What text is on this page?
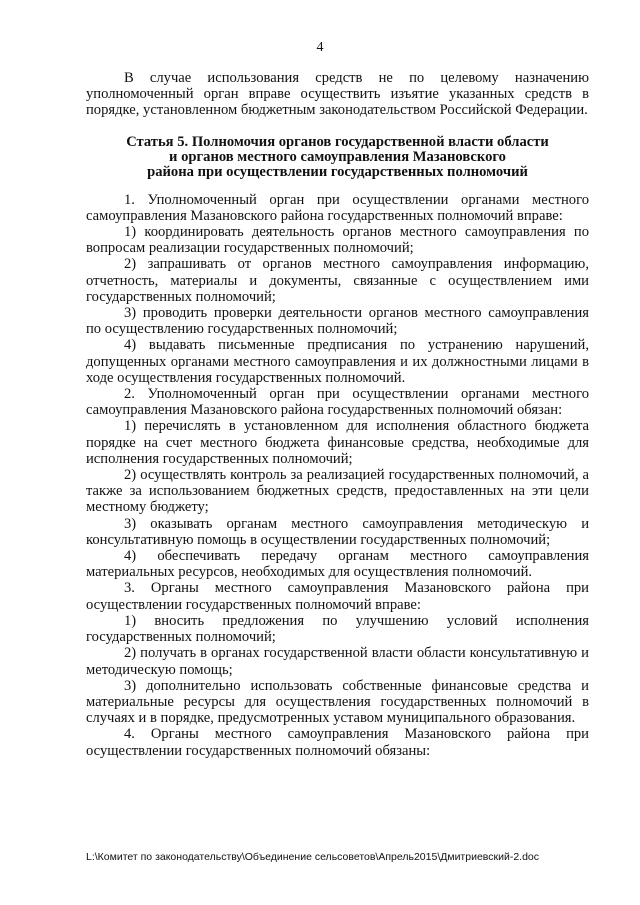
4

В случае использования средств не по целевому назначению уполномоченный орган вправе осуществить изъятие указанных средств в порядке, установленном бюджетным законодательством Российской Федерации.

Статья 5. Полномочия органов государственной власти области
и органов местного самоуправления Мазановского
района при осуществлении государственных полномочий

1. Уполномоченный орган при осуществлении органами местного самоуправления Мазановского района государственных полномочий вправе:

1) координировать деятельность органов местного самоуправления по вопросам реализации государственных полномочий;

2) запрашивать от органов местного самоуправления информацию, отчетность, материалы и документы, связанные с осуществлением ими государственных полномочий;

3) проводить проверки деятельности органов местного самоуправления по осуществлению государственных полномочий;

4) выдавать письменные предписания по устранению нарушений, допущенных органами местного самоуправления и их должностными лицами в ходе осуществления государственных полномочий.

2. Уполномоченный орган при осуществлении органами местного самоуправления Мазановского района государственных полномочий обязан:

1) перечислять в установленном для исполнения областного бюджета порядке на счет местного бюджета финансовые средства, необходимые для исполнения государственных полномочий;

2) осуществлять контроль за реализацией государственных полномочий, а также за использованием бюджетных средств, предоставленных на эти цели местному бюджету;

3) оказывать органам местного самоуправления методическую и консультативную помощь в осуществлении государственных полномочий;

4) обеспечивать передачу органам местного самоуправления материальных ресурсов, необходимых для осуществления полномочий.

3. Органы местного самоуправления Мазановского района при осуществлении государственных полномочий вправе:

1) вносить предложения по улучшению условий исполнения государственных полномочий;

2) получать в органах государственной власти области консультативную и методическую помощь;

3) дополнительно использовать собственные финансовые средства и материальные ресурсы для осуществления государственных полномочий в случаях и в порядке, предусмотренных уставом муниципального образования.

4. Органы местного самоуправления Мазановского района при осуществлении государственных полномочий обязаны:

L:\Комитет по законодательству\Объединение сельсоветов\Апрель2015\Дмитриевский-2.doc
